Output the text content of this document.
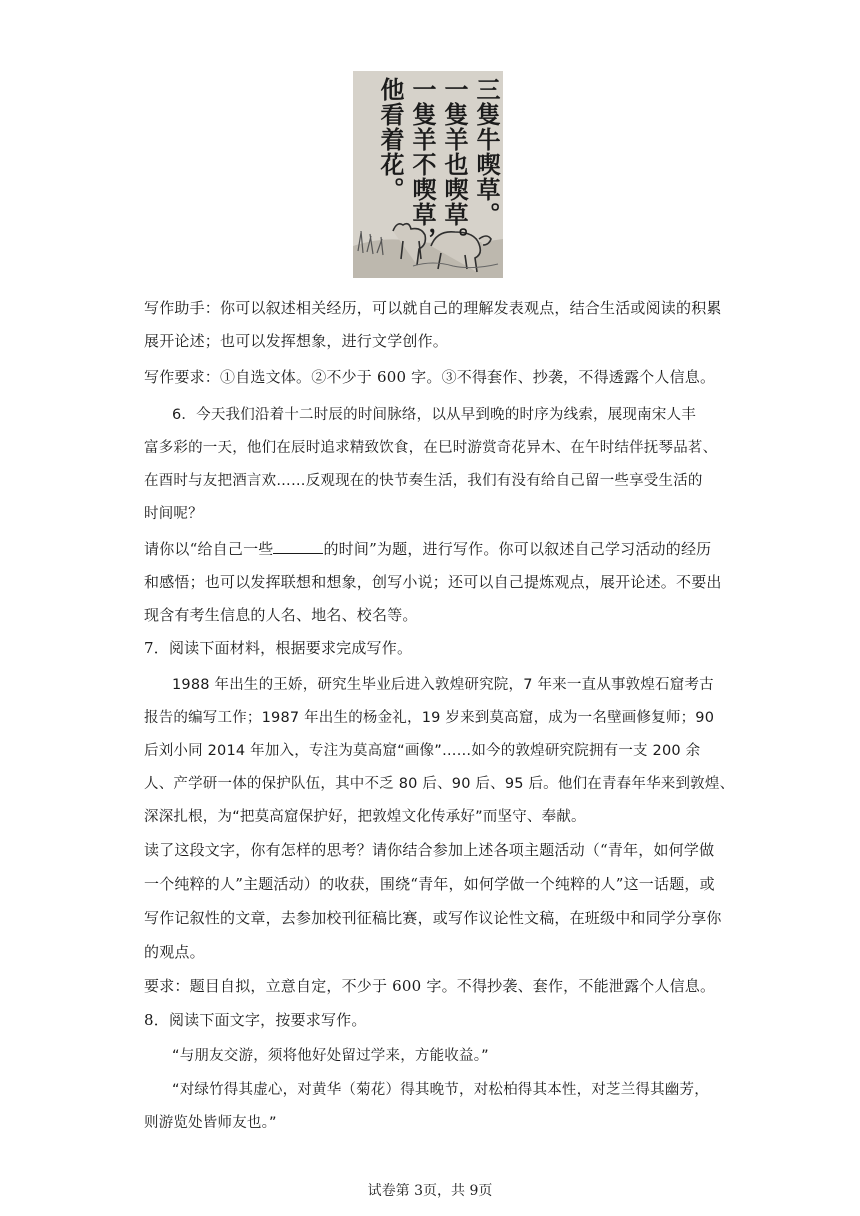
三隻牛喫草。
一隻羊也喫草。
一隻羊不喫草，
他看着花。

写作助手：你可以叙述相关经历，可以就自己的理解发表观点，结合生活或阅读的积累

展开论述；也可以发挥想象，进行文学创作。

写作要求：①自选文体。②不少于 600 字。③不得套作、抄袭，不得透露个人信息。

6．今天我们沿着十二时辰的时间脉络，以从早到晚的时序为线索，展现南宋人丰

富多彩的一天，他们在辰时追求精致饮食，在巳时游赏奇花异木、在午时结伴抚琴品茗、

在酉时与友把酒言欢……反观现在的快节奏生活，我们有没有给自己留一些享受生活的

时间呢？

请你以“给自己一些	的时间”为题，进行写作。你可以叙述自己学习活动的经历

和感悟；也可以发挥联想和想象，创写小说；还可以自己提炼观点，展开论述。不要出

现含有考生信息的人名、地名、校名等。

7．阅读下面材料，根据要求完成写作。

1988 年出生的王娇，研究生毕业后进入敦煌研究院，7 年来一直从事敦煌石窟考古

报告的编写工作；1987 年出生的杨金礼，19 岁来到莫高窟，成为一名壁画修复师；90

后刘小同 2014 年加入，专注为莫高窟“画像”……如今的敦煌研究院拥有一支 200 余

人、产学研一体的保护队伍，其中不乏 80 后、90 后、95 后。他们在青春年华来到敦煌、

深深扎根，为“把莫高窟保护好，把敦煌文化传承好”而坚守、奉献。

读了这段文字，你有怎样的思考？请你结合参加上述各项主题活动（“青年，如何学做

一个纯粹的人”主题活动）的收获，围绕“青年，如何学做一个纯粹的人”这一话题，或

写作记叙性的文章，去参加校刊征稿比赛，或写作议论性文稿，在班级中和同学分享你

的观点。

要求：题目自拟，立意自定，不少于 600 字。不得抄袭、套作，不能泄露个人信息。

8．阅读下面文字，按要求写作。

“与朋友交游，须将他好处留过学来，方能收益。”

“对绿竹得其虚心，对黄华（菊花）得其晚节，对松柏得其本性，对芝兰得其幽芳，

则游览处皆师友也。”

试卷第 3页，共 9页
